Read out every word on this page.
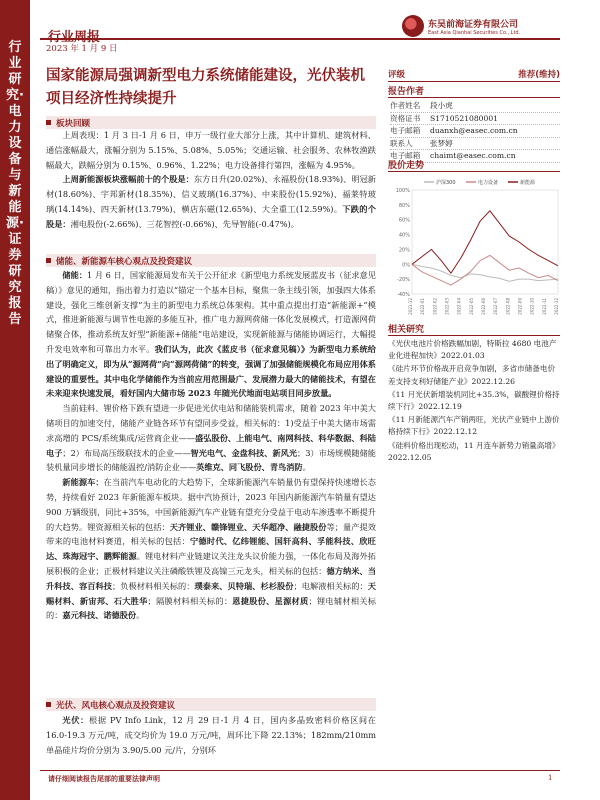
行业研究·电力设备与新能源·证券研究报告
2023 年 1 月 9 日
东吴前海证券有限公司
East Asia Qianhai Securities Co., Ltd.
国家能源局强调新型电力系统储能建设，光伏装机项目经济性持续提升
板块回顾

上周表现：1 月 3 日-1 月 6 日，申万一级行业大部分上涨，其中计算机、建筑材料、通信涨幅最大，涨幅分别为 5.15%、5.08%、5.05%；交通运输、社会服务、农林牧渔跌幅最大，跌幅分别为 0.15%、0.96%、1.22%；电力设备排行第四，涨幅为 4.95%。

上周新能源板块涨幅前十的个股是：东方日升(20.02%)、永福股份(18.93%)、明冠新材(18.60%)、宇邦新材(18.35%)、信义玻璃(16.37%)、中来股份(15.92%)、福莱特玻璃(14.14%)、四天新材(13.79%)、横店东磁(12.65%)、大全重工(12.59%)。下跌的个股是：湘电股份(-2.66%)、三花智控(-0.66%)、先导智能(-0.47%)。

储能、新能源车核心观点及投资建议

储能：1 月 6 日，国家能源局发布关于公开征求《新型电力系统发展蓝皮书（征求意见稿）》意见的通知，指出着力打造以“锚定一个基本目标，聚焦一条主线引领，加强四大体系建设，强化三维创新支撑”为主的新型电力系统总体架构。其中重点提出打造“新能源+”模式，推进新能源与调节性电源的多能互补，推广电力源网荷储一体化发展模式，打造源网荷储聚合体，推动系统友好型“新能源+储能”电站建设，实现新能源与储能协调运行，大幅提升发电效率和可靠出力水平。我们认为，此次《蓝皮书（征求意见稿）》为新型电力系统给出了明确定义，即为从“源网荷”向“源网荷储”的转变，强调了加强储能规模化布局应用体系建设的重要性。其中电化学储能作为当前应用范围最广、发展潜力最大的储能技术，有望在未来迎来快速发展，看好国内大储市场 2023 年随光伏地面电站项目同步放量。

当前硅料、锂价格下跌有望进一步促进光伏电站和储能装机需求，随着 2023 年中美大储项目的加速交付，储能产业链各环节有望同步受益，相关标的：1)受益于中美大储市场需求高增的 PCS/系统集成/运营商企业——盛弘股份、上能电气、南网科技、科华数据、科陆电子；2）布局高压级联技术的企业——智光电气、金盘科技、新风光；3）市场规模随储能装机量同步增长的储能温控/消防企业——英维克、同飞股份、青鸟消防。

新能源车：在当前汽车电动化的大趋势下，全球新能源汽车销量仍有望保持快速增长态势，持续看好 2023 年新能源车板块。据中汽协预计，2023 年国内新能源汽车销量有望达 900 万辆级别，同比+35%，中国新能源汽车产业链有望充分受益于电动车渗透率不断提升的大趋势。锂资源相关标的包括：天齐锂业、赣锋锂业、天华超净、融捷股份等；量产提效带来的电池材料赛道，相关标的包括：宁德时代、亿纬锂能、国轩高科、孚能科技、欣旺达、珠海冠宇、鹏辉能源。锂电材料产业链建议关注龙头议价能力强，一体化布局及海外拓展积极的企业；正极材料建议关注磷酸铁锂及高镍三元龙头，相关标的包括：德方纳米、当升科技、容百科技；负极材料相关标的：璞泰来、贝特瑞、杉杉股份；电解液相关标的：天赐材料、新宙邦、石大胜华；隔膜材料相关标的：恩捷股份、星源材质；锂电辅材相关标的：嘉元科技、诺德股份。

光伏、风电核心观点及投资建议

光伏：根据 PV Info Link，12 月 29 日-1 月 4 日，国内多晶致密料价格区间在 16.0-19.3 万元/吨，成交均价为 19.0 万元/吨，周环比下降 22.13%；182mm/210mm 单晶硅片均价分别为 3.90/5.00 元/片，分别环

评级	推荐(维持)
报告作者
作者姓名	段小虎
资格证书	S1710521080001
电子邮箱	duanxh@easec.com.cn
联系人	张梦婷
电子邮箱	chaimt@easec.com.cn
股价走势
100%
80%
60%
40%
20%
0%
-20%
-40%
2021-12 2022-01 2022-02 2022-03 2022-04 2022-05 2022-06 2022-07 2022-08 2022-09 2022-10 2022-11 2022-12
沪深300	电力设备	新能源
相关研究
《光伏电池片价格跌幅加剧，特斯拉 4680 电池产业化进程加快》2022.01.03
《硅片环节价格战开启竞争加剧，多省市储备电价差支持支利好储能产业》2022.12.26
《11 月光伏新增装机同比+35.3%，碳酸锂价格持续下行》2022.12.19
《11 月新能源汽车产销两旺，光伏产业链中上游价格持续下行》2022.12.12
《硅料价格出现松动，11 月连车新势力销量高增》2022.12.05
请仔细阅读报告尾部的重要法律声明	1
